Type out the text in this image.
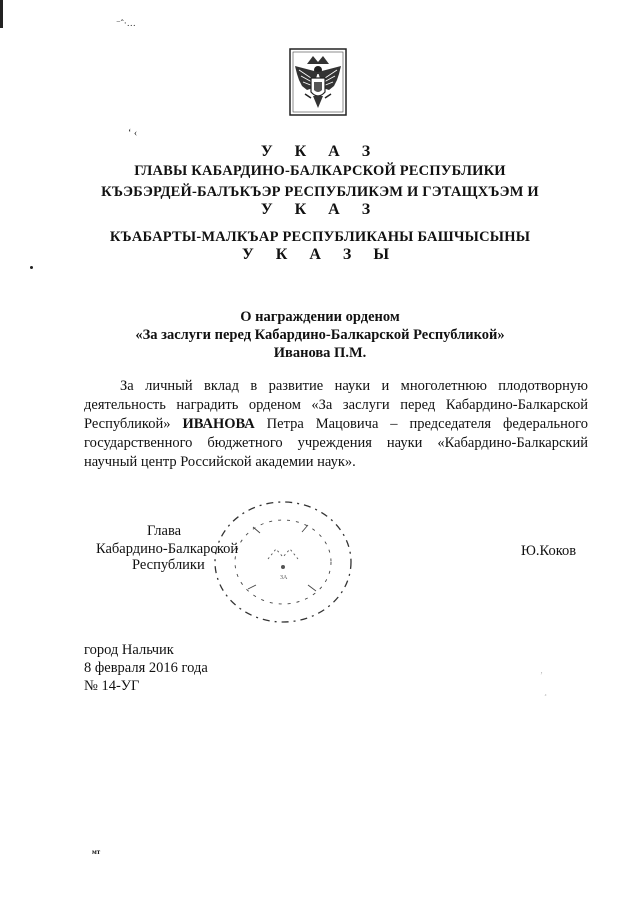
⁻ˆ·…
‘ ‹
У К А З
ГЛАВЫ КАБАРДИНО-БАЛКАРСКОЙ РЕСПУБЛИКИ
КЪЭБЭРДЕЙ-БАЛЪКЪЭР РЕСПУБЛИКЭМ И ГЭТАЩХЪЭМ И
У К А З
КЪАБАРТЫ-МАЛКЪАР РЕСПУБЛИКАНЫ БАШЧЫСЫНЫ
У К А З Ы
О награждении орденом
«За заслуги перед Кабардино-Балкарской Республикой»
Иванова П.М.
За личный вклад в развитие науки и многолетнюю плодотворную деятельность наградить орденом «За заслуги перед Кабардино-Балкарской Республикой» ИВАНОВА Петра Мацовича – председателя федерального государственного бюджетного учреждения науки «Кабардино-Балкарский научный центр Российской академии наук».
ЗА
Глава
Кабардино-Балкарской
Республики
Ю.Коков
город Нальчик
8 февраля 2016 года
№ 14-УГ
‚
¸
мт
